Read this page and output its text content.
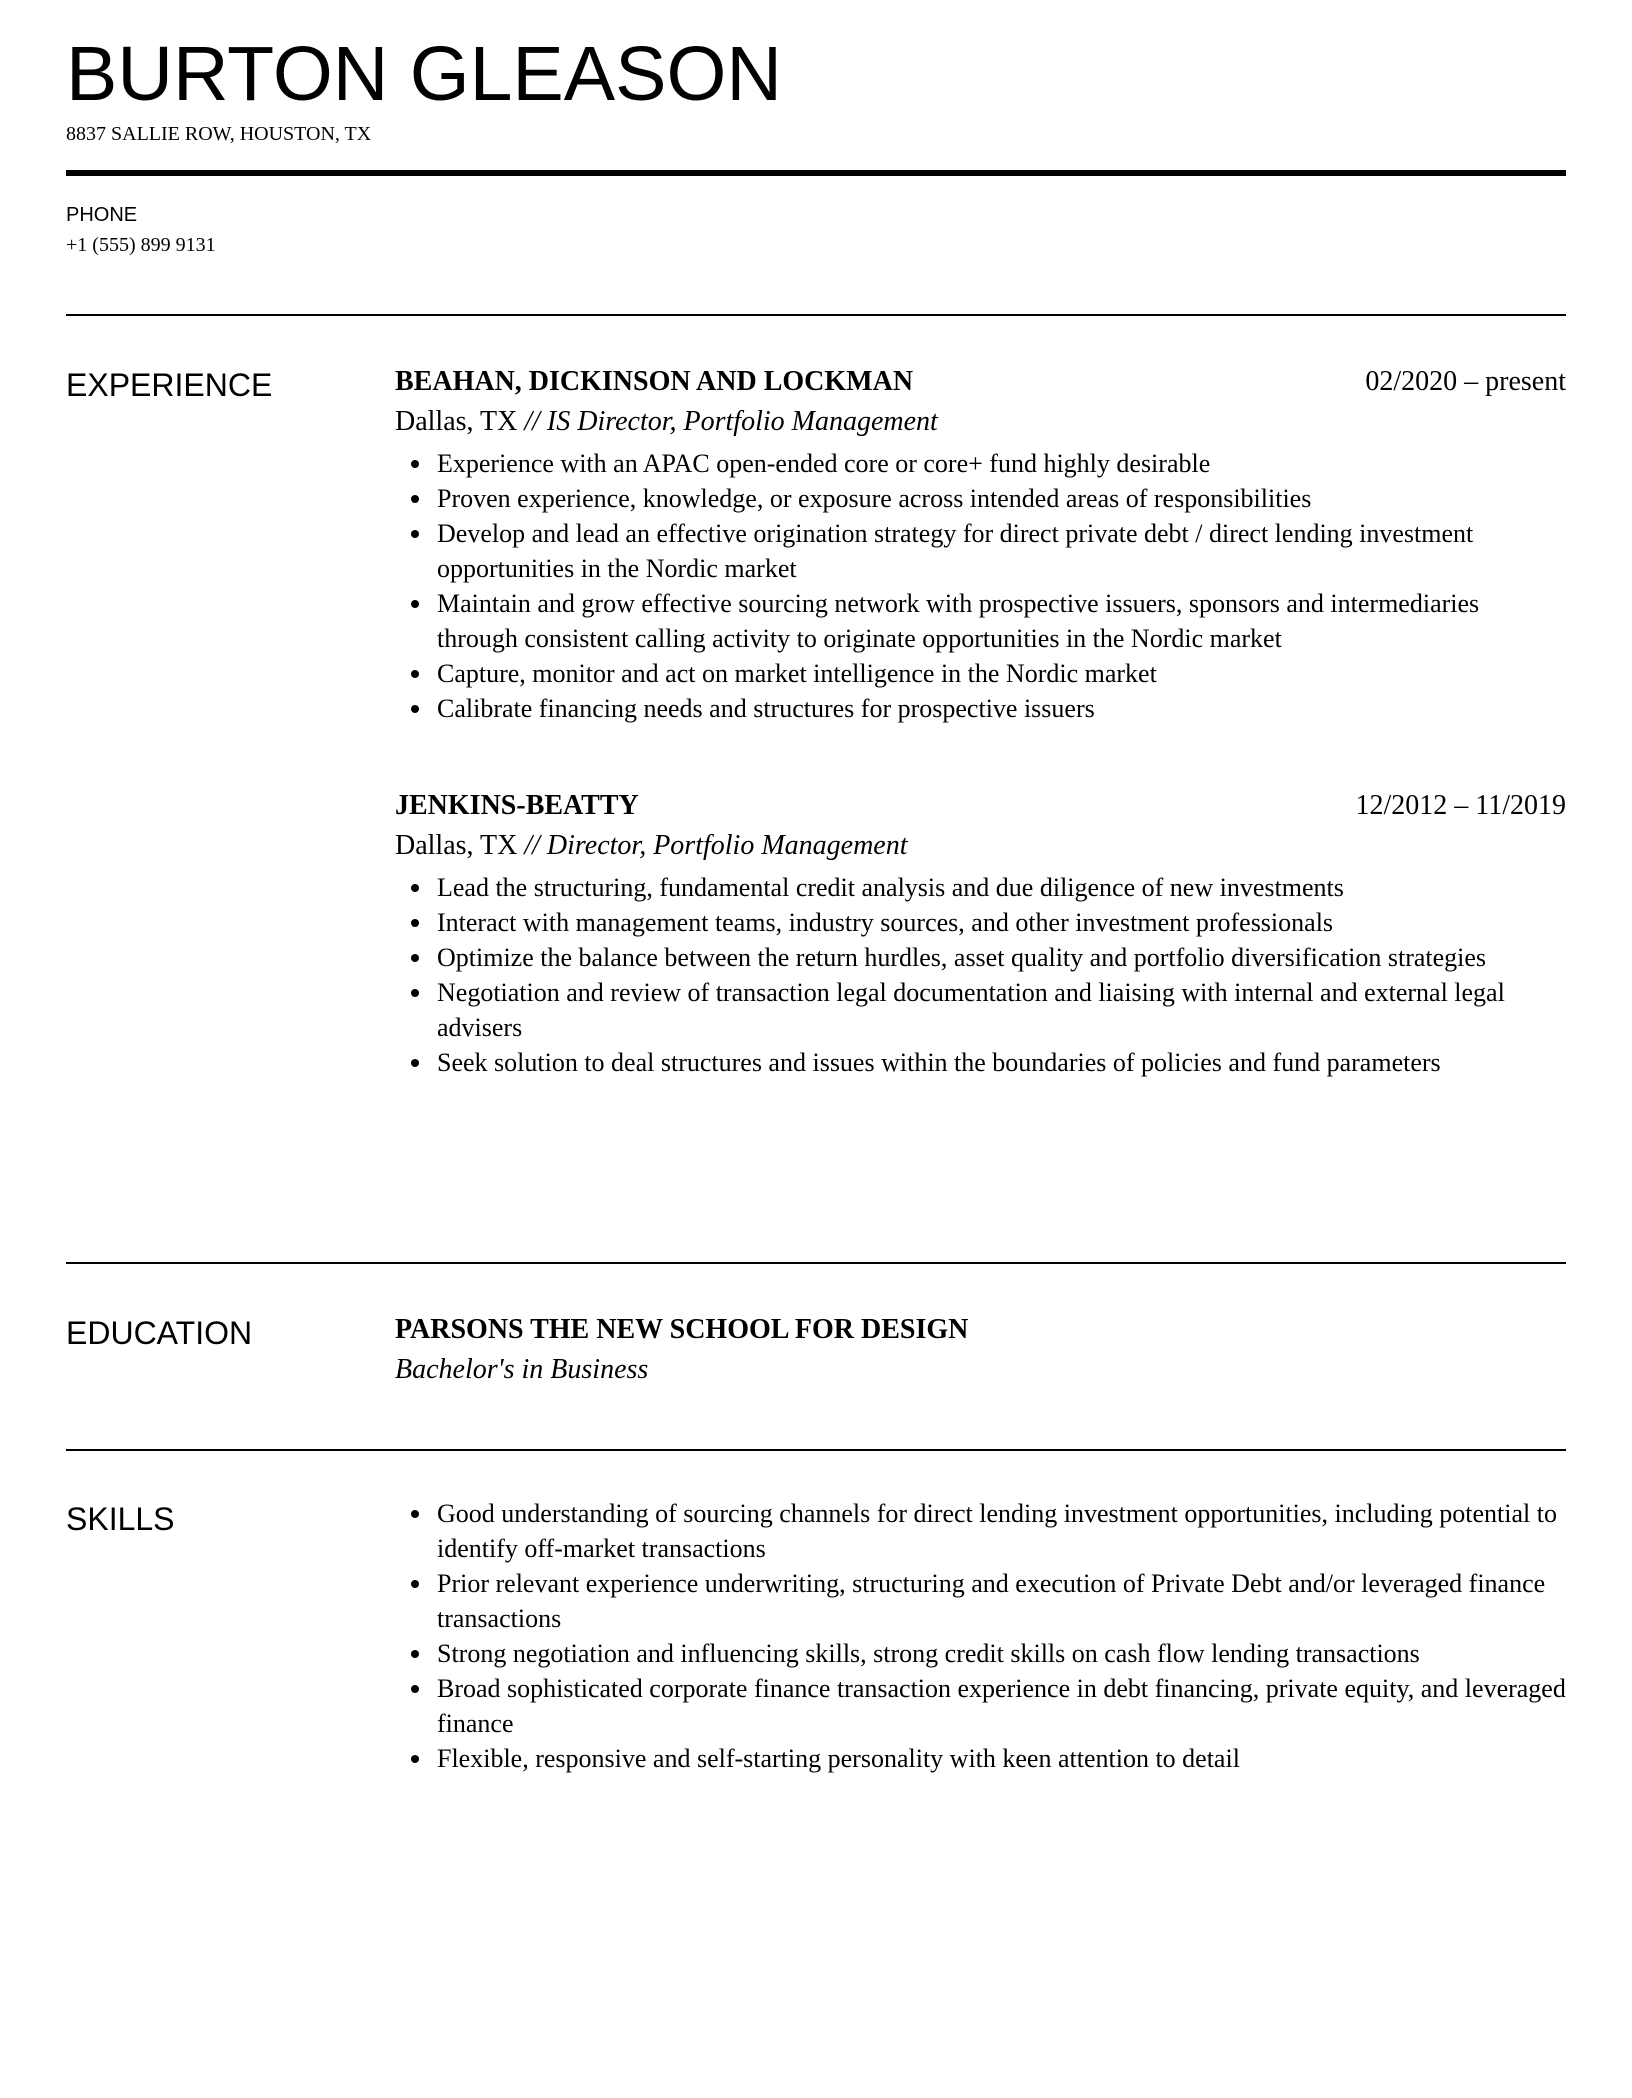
BURTON GLEASON
8837 SALLIE ROW, HOUSTON, TX
PHONE
+1 (555) 899 9131
EXPERIENCE	BEAHAN, DICKINSON AND LOCKMAN	02/2020 – present
Dallas, TX // IS Director, Portfolio Management
Experience with an APAC open-ended core or core+ fund highly desirable
Proven experience, knowledge, or exposure across intended areas of responsibilities
Develop and lead an effective origination strategy for direct private debt / direct lending investment opportunities in the Nordic market
Maintain and grow effective sourcing network with prospective issuers, sponsors and intermediaries through consistent calling activity to originate opportunities in the Nordic market
Capture, monitor and act on market intelligence in the Nordic market
Calibrate financing needs and structures for prospective issuers
JENKINS-BEATTY	12/2012 – 11/2019
Dallas, TX // Director, Portfolio Management
Lead the structuring, fundamental credit analysis and due diligence of new investments
Interact with management teams, industry sources, and other investment professionals
Optimize the balance between the return hurdles, asset quality and portfolio diversification strategies
Negotiation and review of transaction legal documentation and liaising with internal and external legal advisers
Seek solution to deal structures and issues within the boundaries of policies and fund parameters
EDUCATION	PARSONS THE NEW SCHOOL FOR DESIGN
Bachelor's in Business
SKILLS	Good understanding of sourcing channels for direct lending investment opportunities, including potential to identify off-market transactions
Prior relevant experience underwriting, structuring and execution of Private Debt and/or leveraged finance transactions
Strong negotiation and influencing skills, strong credit skills on cash flow lending transactions
Broad sophisticated corporate finance transaction experience in debt financing, private equity, and leveraged finance
Flexible, responsive and self-starting personality with keen attention to detail
